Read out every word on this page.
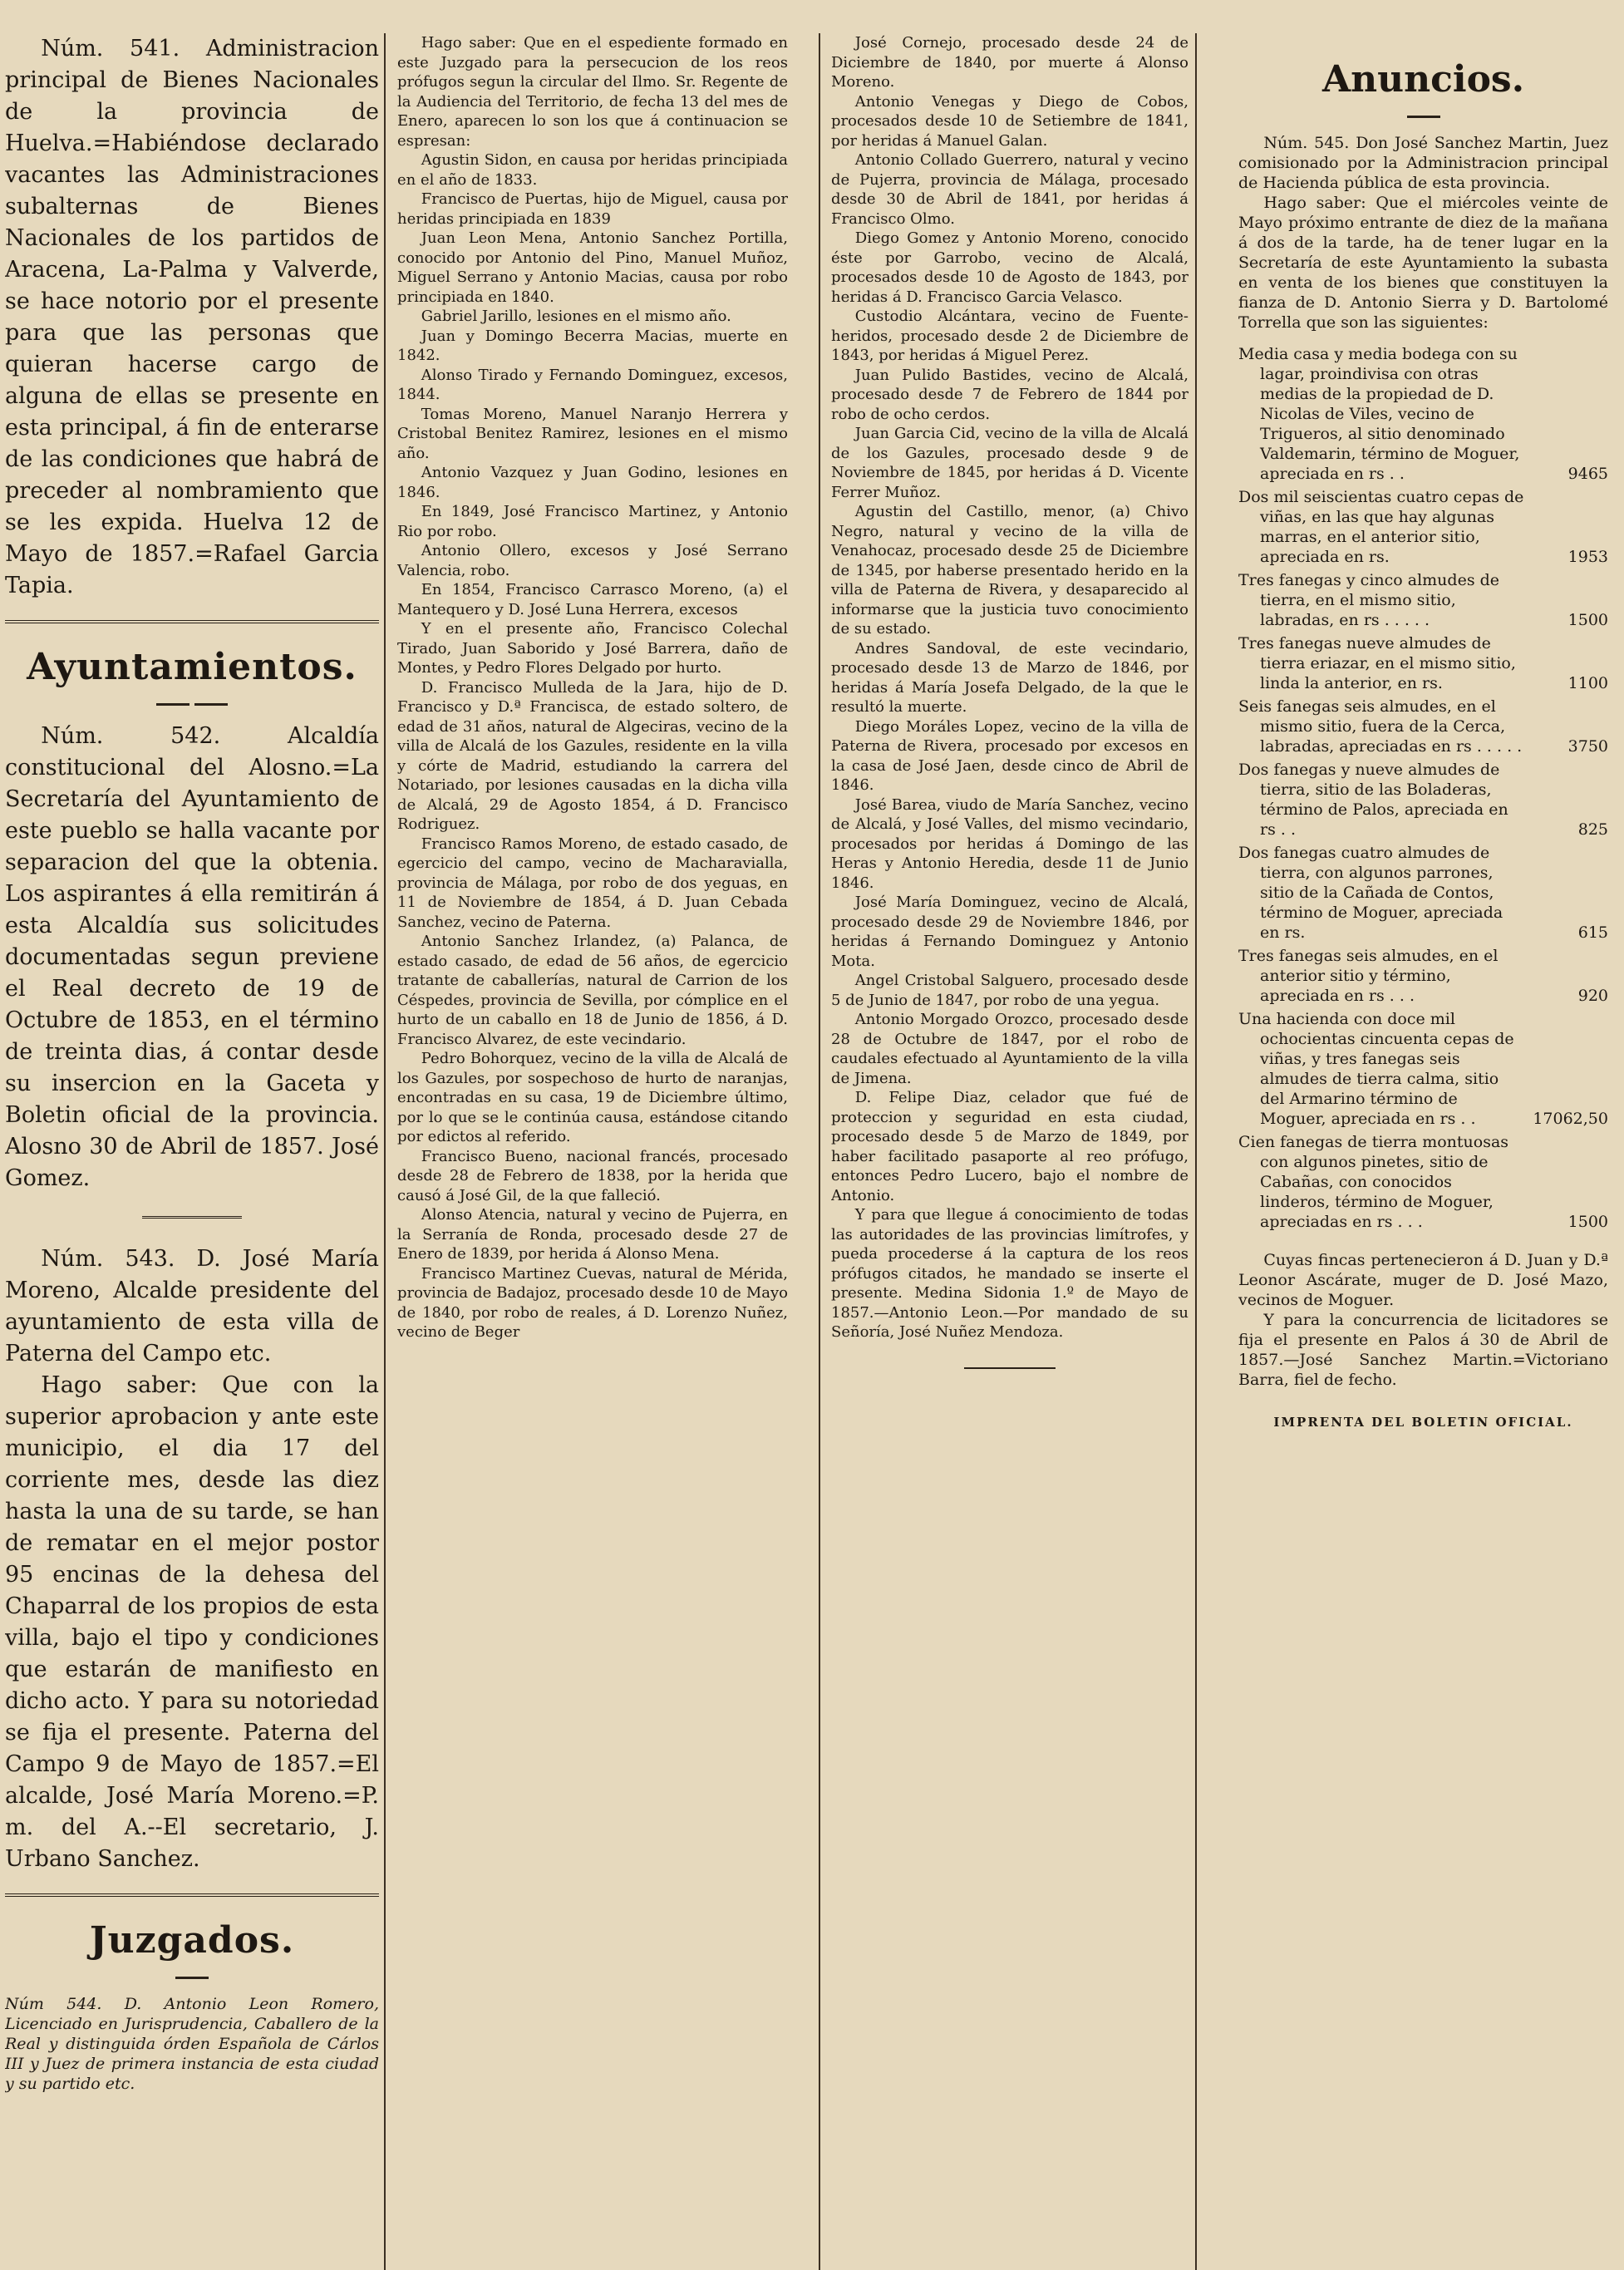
Núm. 541. Administracion principal de Bienes Nacionales de la provincia de Huelva.=Habiéndose declarado vacantes las Administraciones subalternas de Bienes Nacionales de los partidos de Aracena, La-Palma y Valverde, se hace notorio por el presente para que las personas que quieran hacerse cargo de alguna de ellas se presente en esta principal, á fin de enterarse de las condiciones que habrá de preceder al nombramiento que se les expida. Huelva 12 de Mayo de 1857.=Rafael Garcia Tapia.

Ayuntamientos.

Núm. 542. Alcaldía constitucional del Alosno.=La Secretaría del Ayuntamiento de este pueblo se halla vacante por separacion del que la obtenia. Los aspirantes á ella remitirán á esta Alcaldía sus solicitudes documentadas segun previene el Real decreto de 19 de Octubre de 1853, en el término de treinta dias, á contar desde su insercion en la Gaceta y Boletin oficial de la provincia. Alosno 30 de Abril de 1857. José Gomez.

Núm. 543. D. José María Moreno, Alcalde presidente del ayuntamiento de esta villa de Paterna del Campo etc.

Hago saber: Que con la superior aprobacion y ante este municipio, el dia 17 del corriente mes, desde las diez hasta la una de su tarde, se han de rematar en el mejor postor 95 encinas de la dehesa del Chaparral de los propios de esta villa, bajo el tipo y condiciones que estarán de manifiesto en dicho acto. Y para su notoriedad se fija el presente. Paterna del Campo 9 de Mayo de 1857.=El alcalde, José María Moreno.=P. m. del A.--El secretario, J. Urbano Sanchez.

Juzgados.

Núm 544. D. Antonio Leon Romero, Licenciado en Jurisprudencia, Caballero de la Real y distinguida órden Española de Cárlos III y Juez de primera instancia de esta ciudad y su partido etc.

Hago saber: Que en el espediente formado en este Juzgado para la persecucion de los reos prófugos segun la circular del Ilmo. Sr. Regente de la Audiencia del Territorio, de fecha 13 del mes de Enero, aparecen lo son los que á continuacion se espresan:

Agustin Sidon, en causa por heridas principiada en el año de 1833.

Francisco de Puertas, hijo de Miguel, causa por heridas principiada en 1839

Juan Leon Mena, Antonio Sanchez Portilla, conocido por Antonio del Pino, Manuel Muñoz, Miguel Serrano y Antonio Macias, causa por robo principiada en 1840.

Gabriel Jarillo, lesiones en el mismo año.

Juan y Domingo Becerra Macias, muerte en 1842.

Alonso Tirado y Fernando Dominguez, excesos, 1844.

Tomas Moreno, Manuel Naranjo Herrera y Cristobal Benitez Ramirez, lesiones en el mismo año.

Antonio Vazquez y Juan Godino, lesiones en 1846.

En 1849, José Francisco Martinez, y Antonio Rio por robo.

Antonio Ollero, excesos y José Serrano Valencia, robo.

En 1854, Francisco Carrasco Moreno, (a) el Mantequero y D. José Luna Herrera, excesos

Y en el presente año, Francisco Colechal Tirado, Juan Saborido y José Barrera, daño de Montes, y Pedro Flores Delgado por hurto.

D. Francisco Mulleda de la Jara, hijo de D. Francisco y D.ª Francisca, de estado soltero, de edad de 31 años, natural de Algeciras, vecino de la villa de Alcalá de los Gazules, residente en la villa y córte de Madrid, estudiando la carrera del Notariado, por lesiones causadas en la dicha villa de Alcalá, 29 de Agosto 1854, á D. Francisco Rodriguez.

Francisco Ramos Moreno, de estado casado, de egercicio del campo, vecino de Macharavialla, provincia de Málaga, por robo de dos yeguas, en 11 de Noviembre de 1854, á D. Juan Cebada Sanchez, vecino de Paterna.

Antonio Sanchez Irlandez, (a) Palanca, de estado casado, de edad de 56 años, de egercicio tratante de caballerías, natural de Carrion de los Céspedes, provincia de Sevilla, por cómplice en el hurto de un caballo en 18 de Junio de 1856, á D. Francisco Alvarez, de este vecindario.

Pedro Bohorquez, vecino de la villa de Alcalá de los Gazules, por sospechoso de hurto de naranjas, encontradas en su casa, 19 de Diciembre último, por lo que se le continúa causa, estándose citando por edictos al referido.

Francisco Bueno, nacional francés, procesado desde 28 de Febrero de 1838, por la herida que causó á José Gil, de la que falleció.

Alonso Atencia, natural y vecino de Pujerra, en la Serranía de Ronda, procesado desde 27 de Enero de 1839, por herida á Alonso Mena.

Francisco Martinez Cuevas, natural de Mérida, provincia de Badajoz, procesado desde 10 de Mayo de 1840, por robo de reales, á D. Lorenzo Nuñez, vecino de Beger

José Cornejo, procesado desde 24 de Diciembre de 1840, por muerte á Alonso Moreno.

Antonio Venegas y Diego de Cobos, procesados desde 10 de Setiembre de 1841, por heridas á Manuel Galan.

Antonio Collado Guerrero, natural y vecino de Pujerra, provincia de Málaga, procesado desde 30 de Abril de 1841, por heridas á Francisco Olmo.

Diego Gomez y Antonio Moreno, conocido éste por Garrobo, vecino de Alcalá, procesados desde 10 de Agosto de 1843, por heridas á D. Francisco Garcia Velasco.

Custodio Alcántara, vecino de Fuente-heridos, procesado desde 2 de Diciembre de 1843, por heridas á Miguel Perez.

Juan Pulido Bastides, vecino de Alcalá, procesado desde 7 de Febrero de 1844 por robo de ocho cerdos.

Juan Garcia Cid, vecino de la villa de Alcalá de los Gazules, procesado desde 9 de Noviembre de 1845, por heridas á D. Vicente Ferrer Muñoz.

Agustin del Castillo, menor, (a) Chivo Negro, natural y vecino de la villa de Venahocaz, procesado desde 25 de Diciembre de 1345, por haberse presentado herido en la villa de Paterna de Rivera, y desaparecido al informarse que la justicia tuvo conocimiento de su estado.

Andres Sandoval, de este vecindario, procesado desde 13 de Marzo de 1846, por heridas á María Josefa Delgado, de la que le resultó la muerte.

Diego Moráles Lopez, vecino de la villa de Paterna de Rivera, procesado por excesos en la casa de José Jaen, desde cinco de Abril de 1846.

José Barea, viudo de María Sanchez, vecino de Alcalá, y José Valles, del mismo vecindario, procesados por heridas á Domingo de las Heras y Antonio Heredia, desde 11 de Junio 1846.

José María Dominguez, vecino de Alcalá, procesado desde 29 de Noviembre 1846, por heridas á Fernando Dominguez y Antonio Mota.

Angel Cristobal Salguero, procesado desde 5 de Junio de 1847, por robo de una yegua.

Antonio Morgado Orozco, procesado desde 28 de Octubre de 1847, por el robo de caudales efectuado al Ayuntamiento de la villa de Jimena.

D. Felipe Diaz, celador que fué de proteccion y seguridad en esta ciudad, procesado desde 5 de Marzo de 1849, por haber facilitado pasaporte al reo prófugo, entonces Pedro Lucero, bajo el nombre de Antonio.

Y para que llegue á conocimiento de todas las autoridades de las provincias limítrofes, y pueda procederse á la captura de los reos prófugos citados, he mandado se inserte el presente. Medina Sidonia 1.º de Mayo de 1857.—Antonio Leon.—Por mandado de su Señoría, José Nuñez Mendoza.

Anuncios.

Núm. 545. Don José Sanchez Martin, Juez comisionado por la Administracion principal de Hacienda pública de esta provincia.

Hago saber: Que el miércoles veinte de Mayo próximo entrante de diez de la mañana á dos de la tarde, ha de tener lugar en la Secretaría de este Ayuntamiento la subasta en venta de los bienes que constituyen la fianza de D. Antonio Sierra y D. Bartolomé Torrella que son las siguientes:

Media casa y media bodega con su lagar, proindivisa con otras medias de la propiedad de D. Nicolas de Viles, vecino de Trigueros, al sitio denominado Valdemarin, término de Moguer, apreciada en rs . .	9465
Dos mil seiscientas cuatro cepas de viñas, en las que hay algunas marras, en el anterior sitio, apreciada en rs.	1953
Tres fanegas y cinco almudes de tierra, en el mismo sitio, labradas, en rs . . . . .	1500
Tres fanegas nueve almudes de tierra eriazar, en el mismo sitio, linda la anterior, en rs.	1100
Seis fanegas seis almudes, en el mismo sitio, fuera de la Cerca, labradas, apreciadas en rs . . . . .	3750
Dos fanegas y nueve almudes de tierra, sitio de las Boladeras, término de Palos, apreciada en rs . .	825
Dos fanegas cuatro almudes de tierra, con algunos parrones, sitio de la Cañada de Contos, término de Moguer, apreciada en rs.	615
Tres fanegas seis almudes, en el anterior sitio y término, apreciada en rs . . .	920
Una hacienda con doce mil ochocientas cincuenta cepas de viñas, y tres fanegas seis almudes de tierra calma, sitio del Armarino término de Moguer, apreciada en rs . .	17062,50
Cien fanegas de tierra montuosas con algunos pinetes, sitio de Cabañas, con conocidos linderos, término de Moguer, apreciadas en rs . . .	1500

Cuyas fincas pertenecieron á D. Juan y D.ª Leonor Ascárate, muger de D. José Mazo, vecinos de Moguer.

Y para la concurrencia de licitadores se fija el presente en Palos á 30 de Abril de 1857.—José Sanchez Martin.=Victoriano Barra, fiel de fecho.

IMPRENTA DEL BOLETIN OFICIAL.
